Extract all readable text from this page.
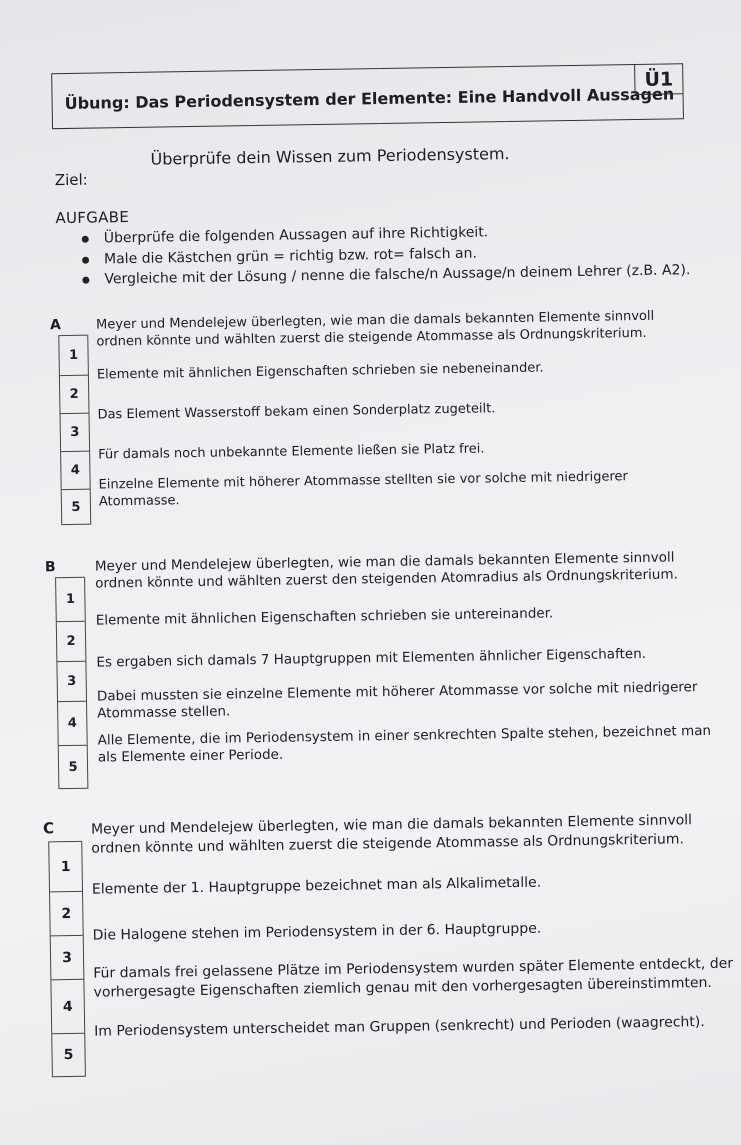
Übung: Das Periodensystem der Elemente: Eine Handvoll Aussagen
Ü1
Ziel:
Überprüfe dein Wissen zum Periodensystem.
AUFGABE
Überprüfe die folgenden Aussagen auf ihre Richtigkeit.
Male die Kästchen grün = richtig bzw. rot= falsch an.
Vergleiche mit der Lösung / nenne die falsche/n Aussage/n deinem Lehrer (z.B. A2).
A
1
2
3
4
5
Meyer und Mendelejew überlegten, wie man die damals bekannten Elemente sinnvoll ordnen könnte und wählten zuerst die steigende Atommasse als Ordnungskriterium.
Elemente mit ähnlichen Eigenschaften schrieben sie nebeneinander.
Das Element Wasserstoff bekam einen Sonderplatz zugeteilt.
Für damals noch unbekannte Elemente ließen sie Platz frei.
Einzelne Elemente mit höherer Atommasse stellten sie vor solche mit niedrigerer Atommasse.
B
1
2
3
4
5
Meyer und Mendelejew überlegten, wie man die damals bekannten Elemente sinnvoll ordnen könnte und wählten zuerst den steigenden Atomradius als Ordnungskriterium.
Elemente mit ähnlichen Eigenschaften schrieben sie untereinander.
Es ergaben sich damals 7 Hauptgruppen mit Elementen ähnlicher Eigenschaften.
Dabei mussten sie einzelne Elemente mit höherer Atommasse vor solche mit niedrigerer Atommasse stellen.
Alle Elemente, die im Periodensystem in einer senkrechten Spalte stehen, bezeichnet man als Elemente einer Periode.
C
1
2
3
4
5
Meyer und Mendelejew überlegten, wie man die damals bekannten Elemente sinnvoll ordnen könnte und wählten zuerst die steigende Atommasse als Ordnungskriterium.
Elemente der 1. Hauptgruppe bezeichnet man als Alkalimetalle.
Die Halogene stehen im Periodensystem in der 6. Hauptgruppe.
Für damals frei gelassene Plätze im Periodensystem wurden später Elemente entdeckt, der vorhergesagte Eigenschaften ziemlich genau mit den vorhergesagten übereinstimmten.
Im Periodensystem unterscheidet man Gruppen (senkrecht) und Perioden (waagrecht).
